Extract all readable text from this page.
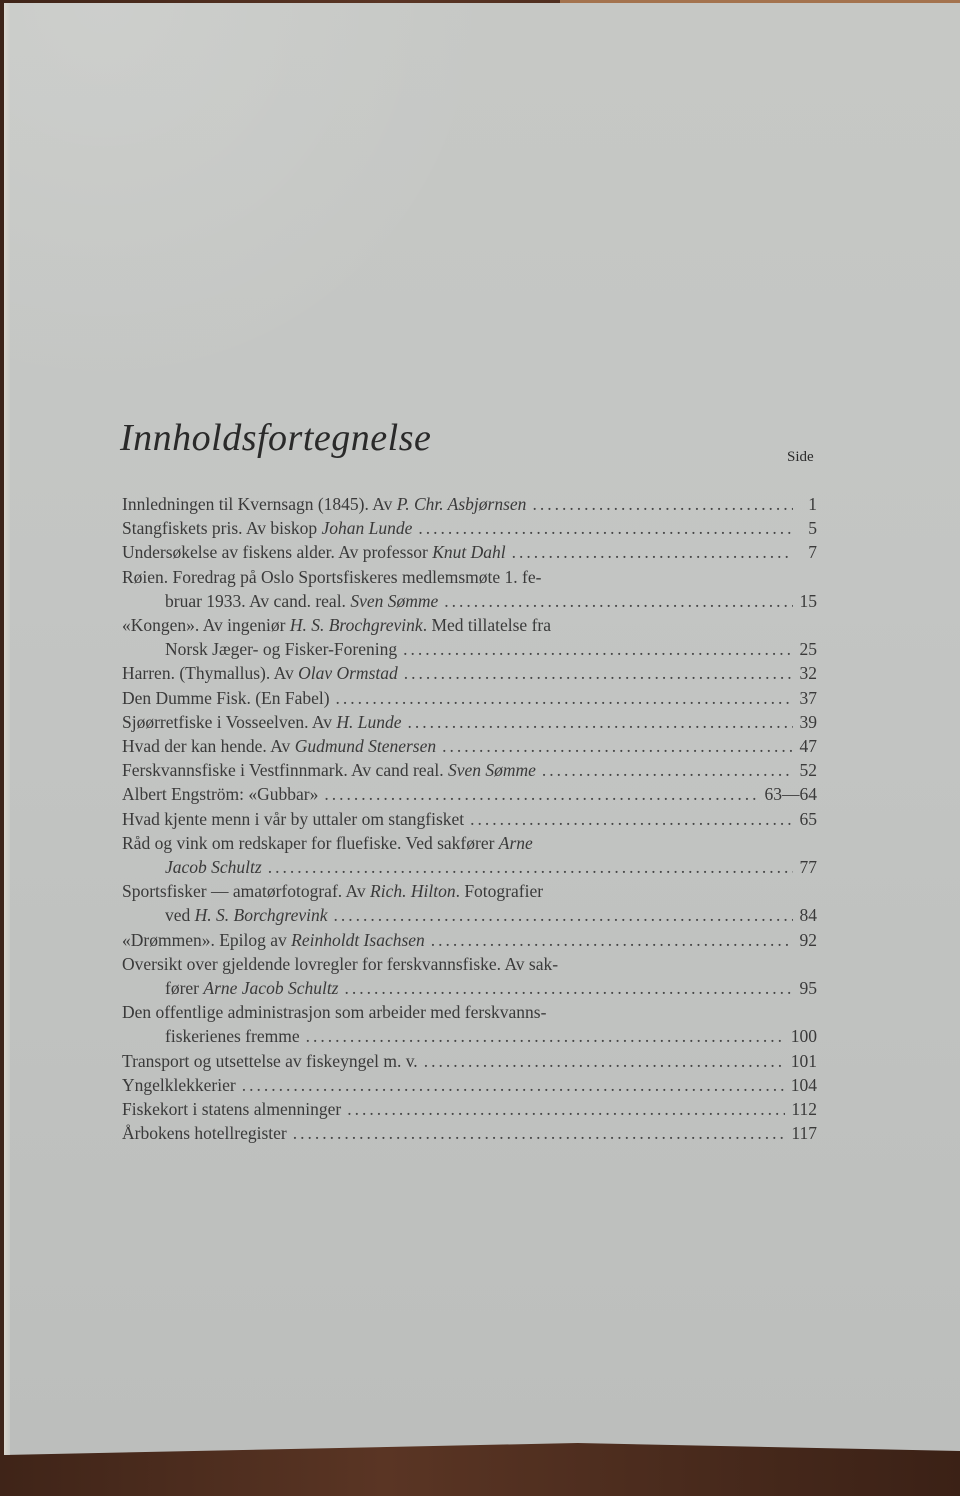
Innholdsfortegnelse	Side
Innledningen til Kvernsagn (1845). Av P. Chr. Asbjørnsen .....	1
Stangfiskets pris. Av biskop Johan Lunde .....	5
Undersøkelse av fiskens alder. Av professor Knut Dahl .....	7
Røien. Foredrag på Oslo Sportsfiskeres medlemsmøte 1. fe-
bruar 1933. Av cand. real. Sven Sømme .....	15
«Kongen». Av ingeniør H. S. Brochgrevink. Med tillatelse fra
Norsk Jæger- og Fisker-Forening .....	25
Harren. (Thymallus). Av Olav Ormstad .....	32
Den Dumme Fisk. (En Fabel) .....	37
Sjøørretfiske i Vosseelven. Av H. Lunde .....	39
Hvad der kan hende. Av Gudmund Stenersen .....	47
Ferskvannsfiske i Vestfinnmark. Av cand real. Sven Sømme .....	52
Albert Engström: «Gubbar» .....	63—64
Hvad kjente menn i vår by uttaler om stangfisket .....	65
Råd og vink om redskaper for fluefiske. Ved sakfører Arne
Jacob Schultz .....	77
Sportsfisker — amatørfotograf. Av Rich. Hilton. Fotografier
ved H. S. Borchgrevink .....	84
«Drømmen». Epilog av Reinholdt Isachsen .....	92
Oversikt over gjeldende lovregler for ferskvannsfiske. Av sak-
fører Arne Jacob Schultz .....	95
Den offentlige administrasjon som arbeider med ferskvanns-
fiskerienes fremme .....	100
Transport og utsettelse av fiskeyngel m. v. .....	101
Yngelklekkerier .....	104
Fiskekort i statens almenninger .....	112
Årbokens hotellregister .....	117
